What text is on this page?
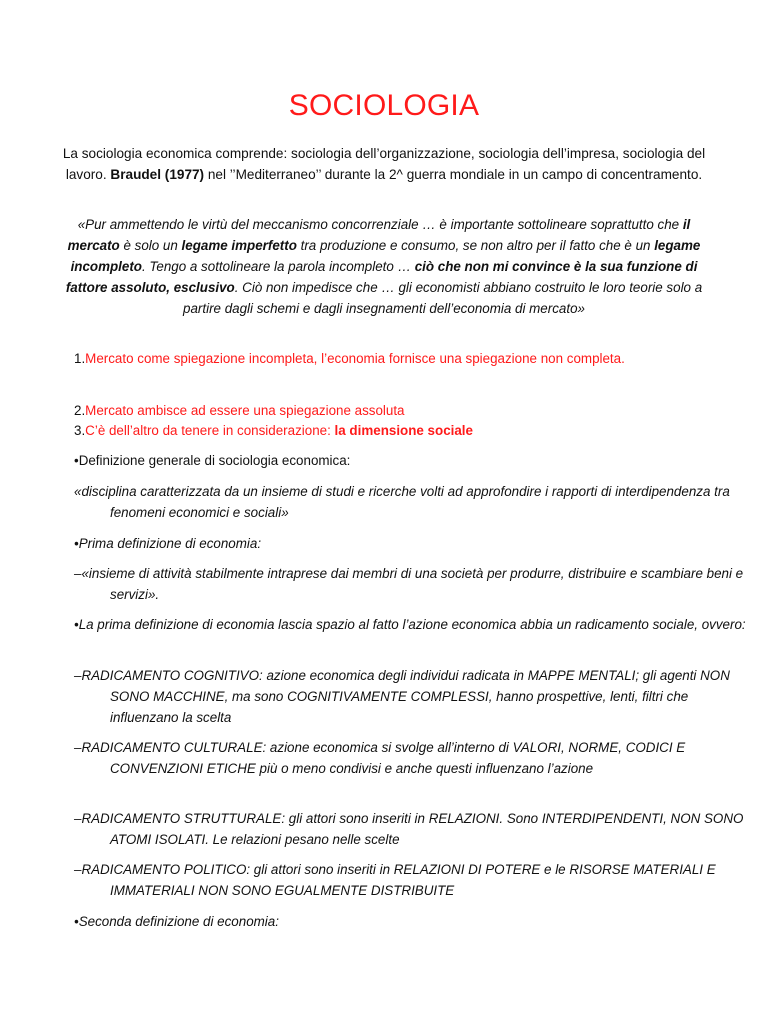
SOCIOLOGIA

La sociologia economica comprende: sociologia dell’organizzazione, sociologia dell’impresa, sociologia del lavoro. Braudel (1977) nel ’’Mediterraneo’’ durante la 2^ guerra mondiale in un campo di concentramento.

«Pur ammettendo le virtù del meccanismo concorrenziale … è importante sottolineare soprattutto che il mercato è solo un legame imperfetto tra produzione e consumo, se non altro per il fatto che è un legame incompleto. Tengo a sottolineare la parola incompleto … ciò che non mi convince è la sua funzione di fattore assoluto, esclusivo. Ciò non impedisce che … gli economisti abbiano costruito le loro teorie solo a partire dagli schemi e dagli insegnamenti dell’economia di mercato»

1.Mercato come spiegazione incompleta, l’economia fornisce una spiegazione non completa.

2.Mercato ambisce ad essere una spiegazione assoluta

3.C’è dell’altro da tenere in considerazione: la dimensione sociale

•Definizione generale di sociologia economica:

«disciplina caratterizzata da un insieme di studi e ricerche volti ad approfondire i rapporti di interdipendenza tra fenomeni economici e sociali»

•Prima definizione di economia:

–«insieme di attività stabilmente intraprese dai membri di una società per produrre, distribuire e scambiare beni e servizi».

•La prima definizione di economia lascia spazio al fatto l’azione economica abbia un radicamento sociale, ovvero:

–RADICAMENTO COGNITIVO: azione economica degli individui radicata in MAPPE MENTALI; gli agenti NON SONO MACCHINE, ma sono COGNITIVAMENTE COMPLESSI, hanno prospettive, lenti, filtri che influenzano la scelta

–RADICAMENTO CULTURALE: azione economica si svolge all’interno di VALORI, NORME, CODICI E CONVENZIONI ETICHE più o meno condivisi e anche questi influenzano l’azione

–RADICAMENTO STRUTTURALE: gli attori sono inseriti in RELAZIONI. Sono INTERDIPENDENTI, NON SONO ATOMI ISOLATI. Le relazioni pesano nelle scelte

–RADICAMENTO POLITICO: gli attori sono inseriti in RELAZIONI DI POTERE e le RISORSE MATERIALI E IMMATERIALI NON SONO EGUALMENTE DISTRIBUITE

•Seconda definizione di economia:
